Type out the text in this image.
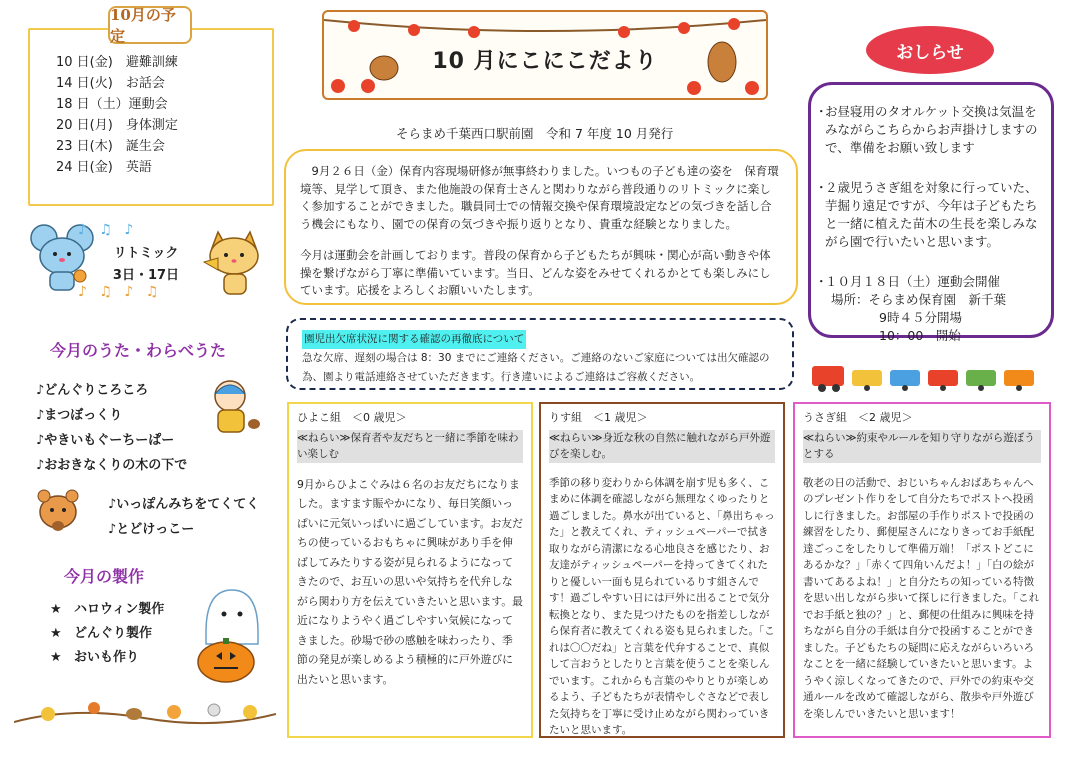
10月の予定
10 日(金)　避難訓練
14 日(火)　お話会
18 日（土）運動会
20 日(月)　身体測定
23 日(木)　誕生会
24 日(金)　英語
♪ ♫ ♪
リトミック
3日・17日
♪ ♫ ♪ ♫
今月のうた・わらべうた
♪どんぐりころころ
♪まつぼっくり
♪やきいもぐーちーぱー
♪おおきなくりの木の下で
♪いっぽんみちをてくてく
♪とどけっこー
今月の製作
★ ハロウィン製作
★ どんぐり製作
★ おいも作り
10 月にこにこだより
そらまめ千葉西口駅前園　令和 7 年度 10 月発行

　9月２６日（金）保育内容現場研修が無事終わりました。いつもの子ども達の姿を　保育環境等、見学して頂き、また他施設の保育士さんと関わりながら普段通りのリトミックに楽しく参加することができました。職員同士での情報交換や保育環境設定などの気づきを話し合う機会にもなり、園での保育の気づきや振り返りとなり、貴重な経験となりました。

今月は運動会を計画しております。普段の保育から子どもたちが興味・関心が高い動きや体操を繋げながら丁寧に準備いています。当日、どんな姿をみせてくれるかとても楽しみにしています。応援をよろしくお願いいたします。

園児出欠席状況に関する確認の再徹底について
急な欠席、遅刻の場合は 8：30 までにご連絡ください。ご連絡のないご家庭については出欠確認の為、園より電話連絡させていただきます。行き違いによるご連絡はご容赦ください。
おしらせ
・
お昼寝用のタオルケット交換は気温をみながらこちらからお声掛けしますので、準備をお願い致します
・
２歳児うさぎ組を対象に行っていた、芋掘り遠足ですが、今年は子どもたちと一緒に植えた苗木の生長を楽しみながら園で行いたいと思います。
・
１０月１８日（土）運動会開催
場所：そらまめ保育園　新千葉
9時４５分開場
10：00　開始
ひよこ組　＜0 歳児＞
≪ねらい≫保育者や友だちと一緒に季節を味わい楽しむ
9月からひよこぐみは６名のお友だちになりました。ますます賑やかになり、毎日笑顔いっぱいに元気いっぱいに過ごしています。お友だちの使っているおもちゃに興味があり手を伸ばしてみたりする姿が見られるようになってきたので、お互いの思いや気持ちを代弁しながら関わり方を伝えていきたいと思います。最近になりようやく過ごしやすい気候になってきました。砂場で砂の感触を味わったり、季節の発見が楽しめるよう積極的に戸外遊びに出たいと思います。
りす組　＜1 歳児＞
≪ねらい≫身近な秋の自然に触れながら戸外遊びを楽しむ。
季節の移り変わりから体調を崩す児も多く、こまめに体調を確認しながら無理なくゆったりと過ごしました。鼻水が出ていると、「鼻出ちゃった」と教えてくれ、ティッシュペーパーで拭き取りながら清潔になる心地良さを感じたり、お友達がティッシュペーパーを持ってきてくれたりと優しい一面も見られているりす組さんです！過ごしやすい日には戸外に出ることで気分転換となり、また見つけたものを指差ししながら保育者に教えてくれる姿も見られました。「これは〇〇だね」と言葉を代弁することで、真似して言おうとしたりと言葉を使うことを楽しんでいます。これからも言葉のやりとりが楽しめるよう、子どもたちが表情やしぐさなどで表した気持ちを丁寧に受け止めながら関わっていきたいと思います。
うさぎ組　＜2 歳児＞
≪ねらい≫約束やルールを知り守りながら遊ぼうとする
敬老の日の活動で、おじいちゃんおばあちゃんへのプレゼント作りをして自分たちでポストへ投函しに行きました。お部屋の手作りポストで投函の練習をしたり、郵便屋さんになりきってお手紙配達ごっこをしたりして準備万端！「ポストどこにあるかな？」「赤くて四角いんだよ！」「白の絵が書いてあるよね！」と自分たちの知っている特徴を思い出しながら歩いて探しに行きました。「これでお手紙と独の？」と、郵便の仕組みに興味を持ちながら自分の手紙は自分で投函することができました。子どもたちの疑問に応えながらいろいろなことを一緒に経験していきたいと思います。ようやく涼しくなってきたので、戸外での約束や交通ルールを改めて確認しながら、散歩や戸外遊びを楽しんでいきたいと思います！
